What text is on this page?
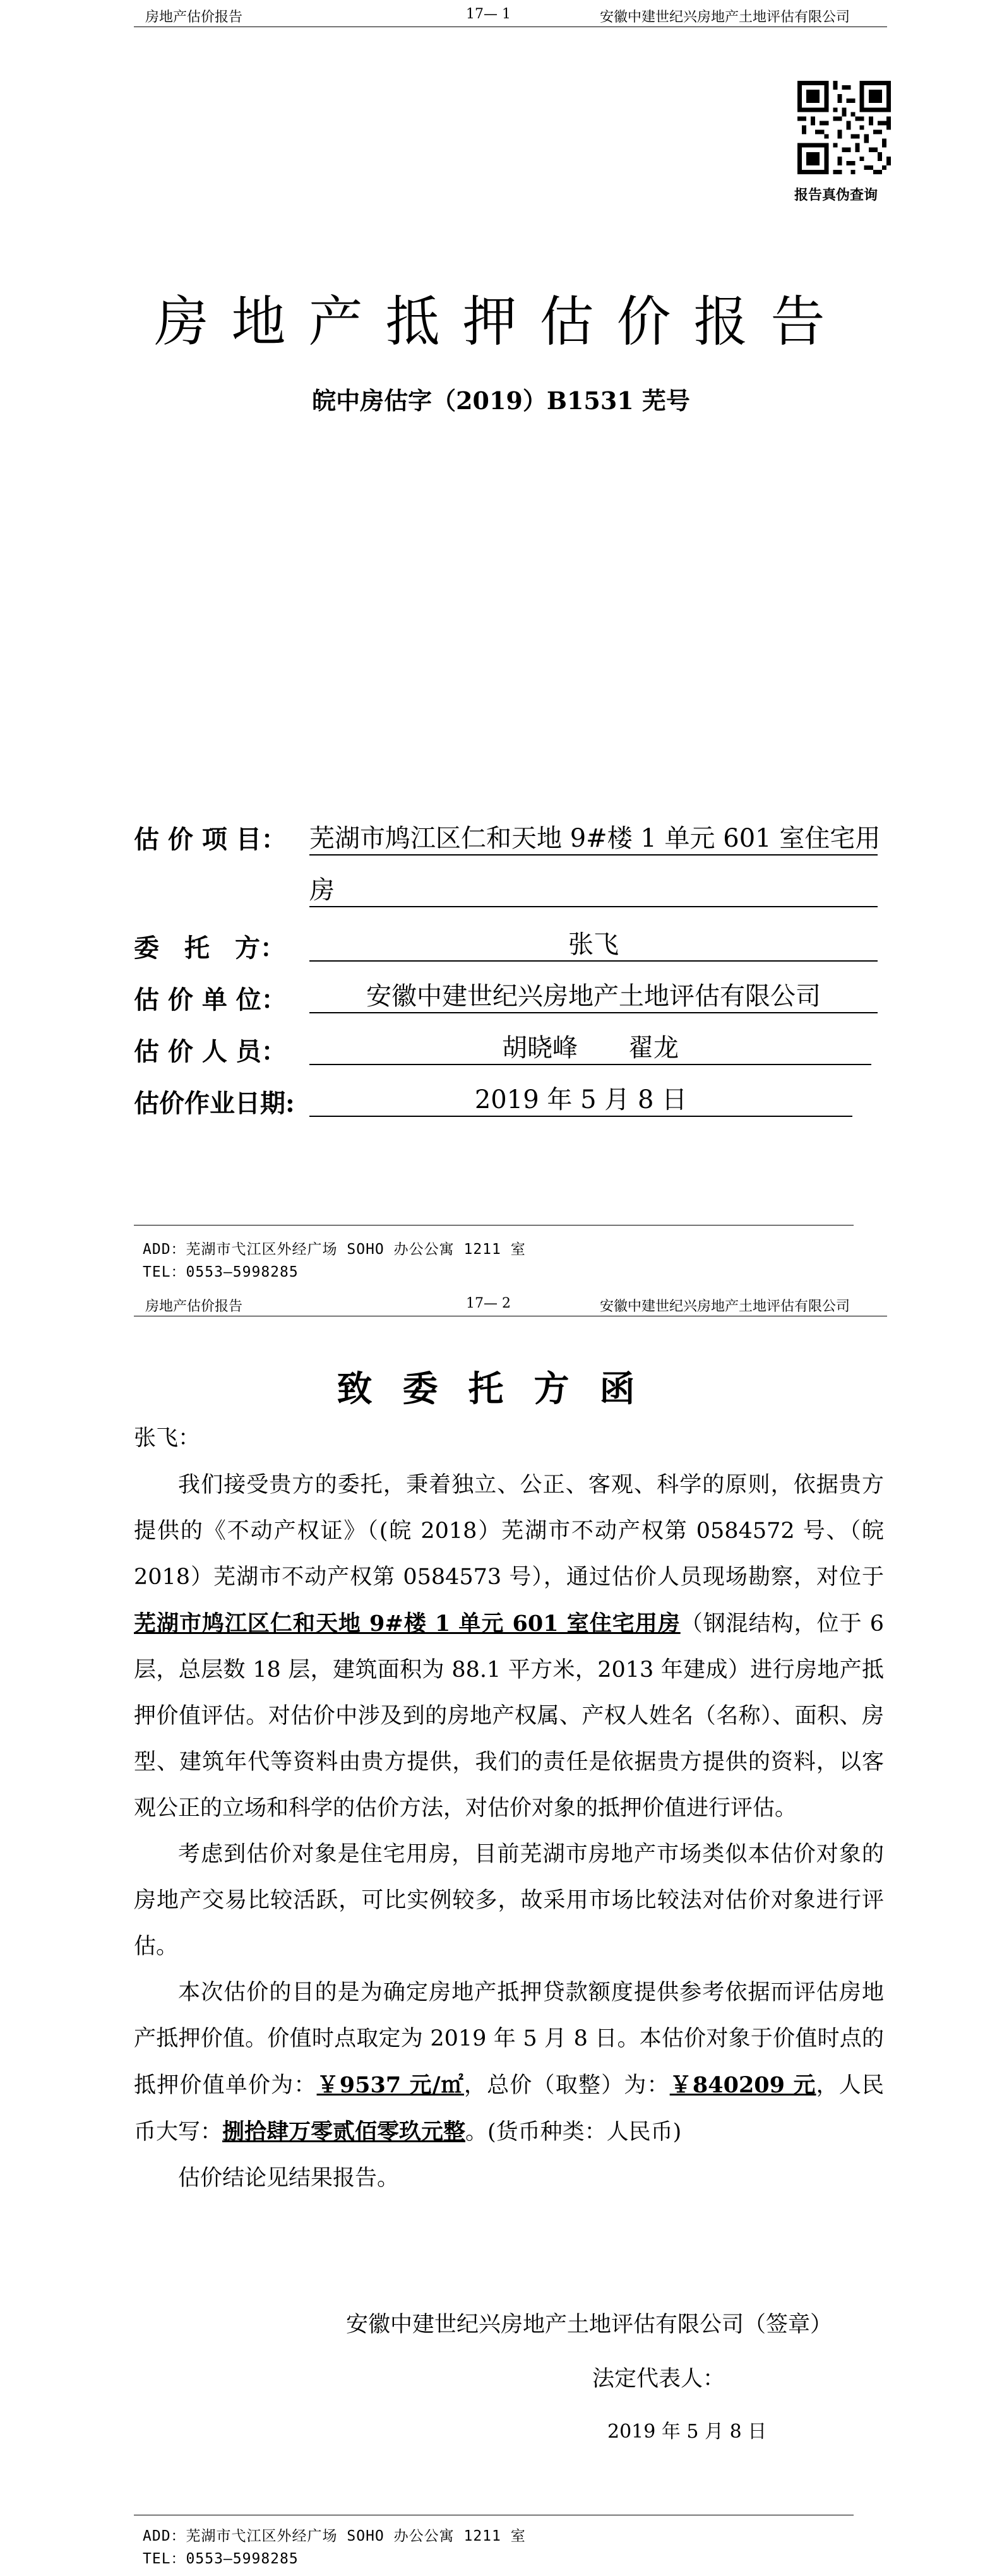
房地产估价报告	17— 1	安徽中建世纪兴房地产土地评估有限公司
报告真伪查询
房地产抵押估价报告
皖中房估字（2019）B1531 芜号
估 价 项 目： 芜湖市鸠江区仁和天地 9#楼 1 单元 601 室住宅用
房
委　托　方：	张飞
估 价 单 位：	安徽中建世纪兴房地产土地评估有限公司
估 价 人 员：	胡晓峰　　翟龙
估价作业日期:	2019 年 5 月 8 日
ADD：芜湖市弋江区外经广场 SOHO 办公公寓 1211 室
TEL：0553—5998285
房地产估价报告	17— 2	安徽中建世纪兴房地产土地评估有限公司
致委托方函
张飞：

我们接受贵方的委托，秉着独立、公正、客观、科学的原则，依据贵方提供的《不动产权证》（(皖 2018）芜湖市不动产权第 0584572 号、（皖 2018）芜湖市不动产权第 0584573 号），通过估价人员现场勘察，对位于芜湖市鸠江区仁和天地 9#楼 1 单元 601 室住宅用房（钢混结构，位于 6 层，总层数 18 层，建筑面积为 88.1 平方米，2013 年建成）进行房地产抵押价值评估。对估价中涉及到的房地产权属、产权人姓名（名称）、面积、房型、建筑年代等资料由贵方提供，我们的责任是依据贵方提供的资料，以客观公正的立场和科学的估价方法，对估价对象的抵押价值进行评估。

考虑到估价对象是住宅用房，目前芜湖市房地产市场类似本估价对象的房地产交易比较活跃，可比实例较多，故采用市场比较法对估价对象进行评估。

本次估价的目的是为确定房地产抵押贷款额度提供参考依据而评估房地产抵押价值。价值时点取定为 2019 年 5 月 8 日。本估价对象于价值时点的抵押价值单价为：￥9537 元/㎡，总价（取整）为：￥840209 元，人民币大写：捌拾肆万零贰佰零玖元整。(货币种类：人民币)

估价结论见结果报告。

安徽中建世纪兴房地产土地评估有限公司（签章）
法定代表人：
2019 年 5 月 8 日
ADD：芜湖市弋江区外经广场 SOHO 办公公寓 1211 室
TEL：0553—5998285
